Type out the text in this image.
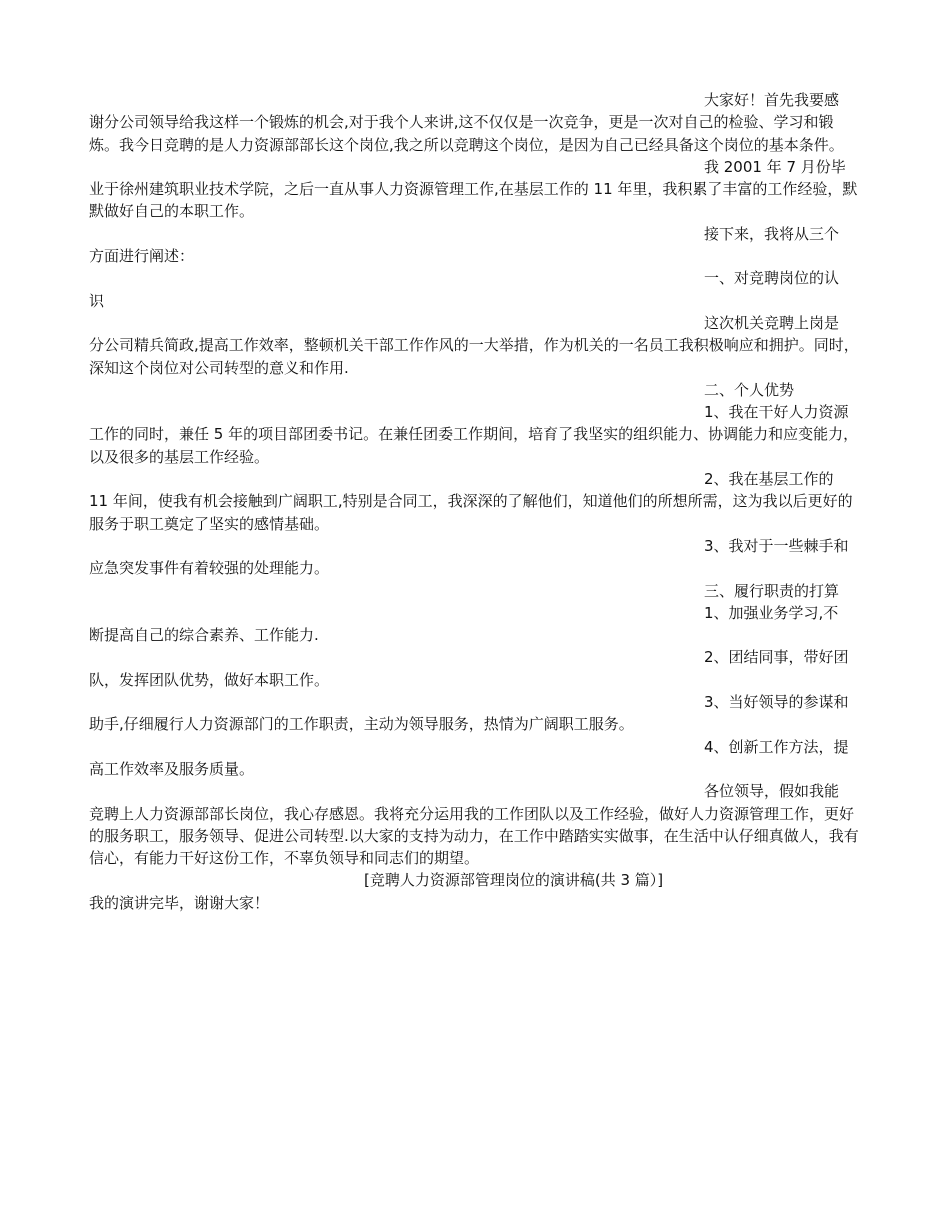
大家好！首先我要感
谢分公司领导给我这样一个锻炼的机会,对于我个人来讲,这不仅仅是一次竞争，更是一次对自己的检验、学习和锻炼。我今日竞聘的是人力资源部部长这个岗位,我之所以竞聘这个岗位，是因为自己已经具备这个岗位的基本条件。

我 2001 年 7 月份毕
业于徐州建筑职业技术学院，之后一直从事人力资源管理工作,在基层工作的 11 年里，我积累了丰富的工作经验，默默做好自己的本职工作。

接下来，我将从三个
方面进行阐述：

一、对竞聘岗位的认
识

这次机关竞聘上岗是
分公司精兵简政,提高工作效率，整顿机关干部工作作风的一大举措，作为机关的一名员工我积极响应和拥护。同时，深知这个岗位对公司转型的意义和作用.

二、个人优势

1、我在干好人力资源
工作的同时，兼任 5 年的项目部团委书记。在兼任团委工作期间，培育了我坚实的组织能力、协调能力和应变能力，以及很多的基层工作经验。

2、我在基层工作的
11 年间，使我有机会接触到广阔职工,特别是合同工，我深深的了解他们，知道他们的所想所需，这为我以后更好的服务于职工奠定了坚实的感情基础。

3、我对于一些棘手和
应急突发事件有着较强的处理能力。

三、履行职责的打算

1、加强业务学习,不
断提高自己的综合素养、工作能力.

2、团结同事，带好团
队，发挥团队优势，做好本职工作。

3、当好领导的参谋和
助手,仔细履行人力资源部门的工作职责，主动为领导服务，热情为广阔职工服务。

4、创新工作方法，提
高工作效率及服务质量。

各位领导，假如我能
竞聘上人力资源部部长岗位，我心存感恩。我将充分运用我的工作团队以及工作经验，做好人力资源管理工作，更好的服务职工，服务领导、促进公司转型.以大家的支持为动力，在工作中踏踏实实做事，在生活中认仔细真做人，我有信心，有能力干好这份工作，不辜负领导和同志们的期望。

[竞聘人力资源部管理岗位的演讲稿(共 3 篇）]

我的演讲完毕，谢谢大家！
